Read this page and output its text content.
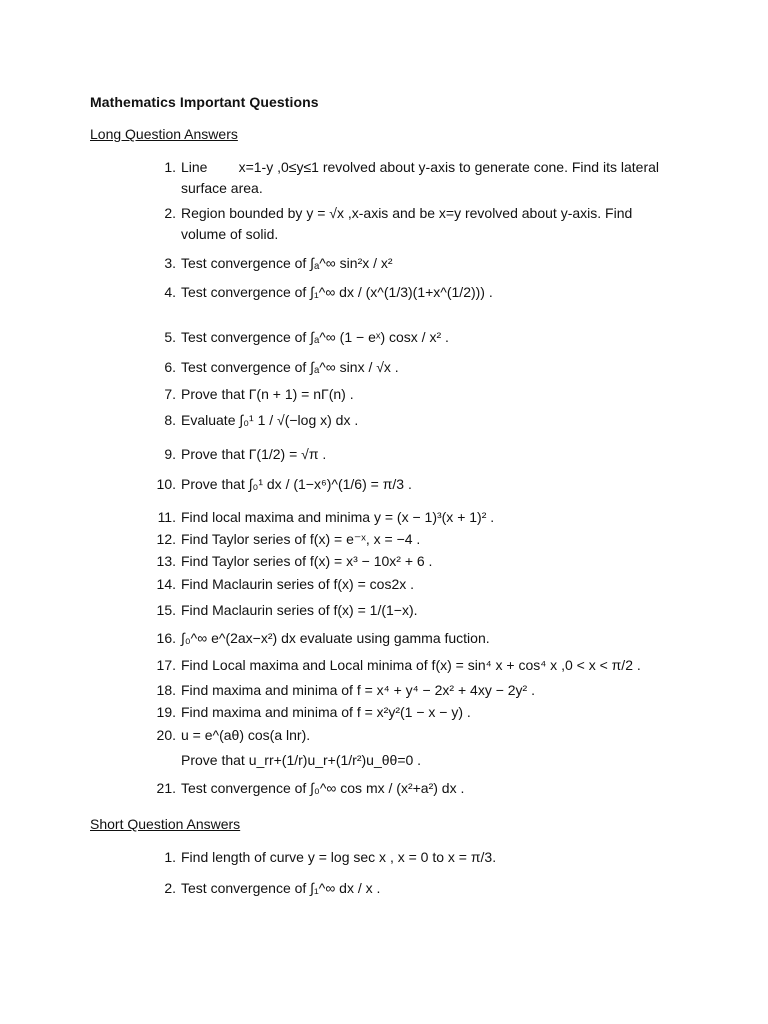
Mathematics Important Questions
Long Question Answers
1. Line        x=1-y ,0≤y≤1 revolved about y-axis to generate cone. Find its lateral surface area.
2. Region bounded by y = √x ,x-axis and be x=y revolved about y-axis. Find volume of solid.
3. Test convergence of ∫ₐ^∞ sin²x / x²
4. Test convergence of ∫₁^∞ dx / (x^(1/3)(1+x^(1/2))) .
5. Test convergence of ∫ₐ^∞ (1 − eˣ) cosx / x² .
6. Test convergence of ∫ₐ^∞ sinx / √x .
7. Prove that Γ(n + 1) = nΓ(n) .
8. Evaluate ∫₀¹ 1 / √(−log x) dx .
9. Prove that Γ(1/2) = √π .
10. Prove that ∫₀¹ dx / (1−x⁶)^(1/6) = π/3 .
11. Find local maxima and minima y = (x − 1)³(x + 1)² .
12. Find Taylor series of f(x) = e⁻ˣ, x = −4 .
13. Find Taylor series of f(x) = x³ − 10x² + 6 .
14. Find Maclaurin series of f(x) = cos2x .
15. Find Maclaurin series of f(x) = 1/(1−x).
16. ∫₀^∞ e^(2ax−x²) dx evaluate using gamma fuction.
17. Find Local maxima and Local minima of f(x) = sin⁴ x + cos⁴ x ,0 < x < π/2 .
18. Find maxima and minima of f = x⁴ + y⁴ − 2x² + 4xy − 2y² .
19. Find maxima and minima of f = x²y²(1 − x − y) .
20. u = e^(aθ) cos(a lnr).
Prove that u_rr+(1/r)u_r+(1/r²)u_θθ=0 .
21. Test convergence of ∫₀^∞ cos mx / (x²+a²) dx .
Short Question Answers
1. Find length of curve y = log sec x , x = 0 to x = π/3.
2. Test convergence of ∫₁^∞ dx / x .
